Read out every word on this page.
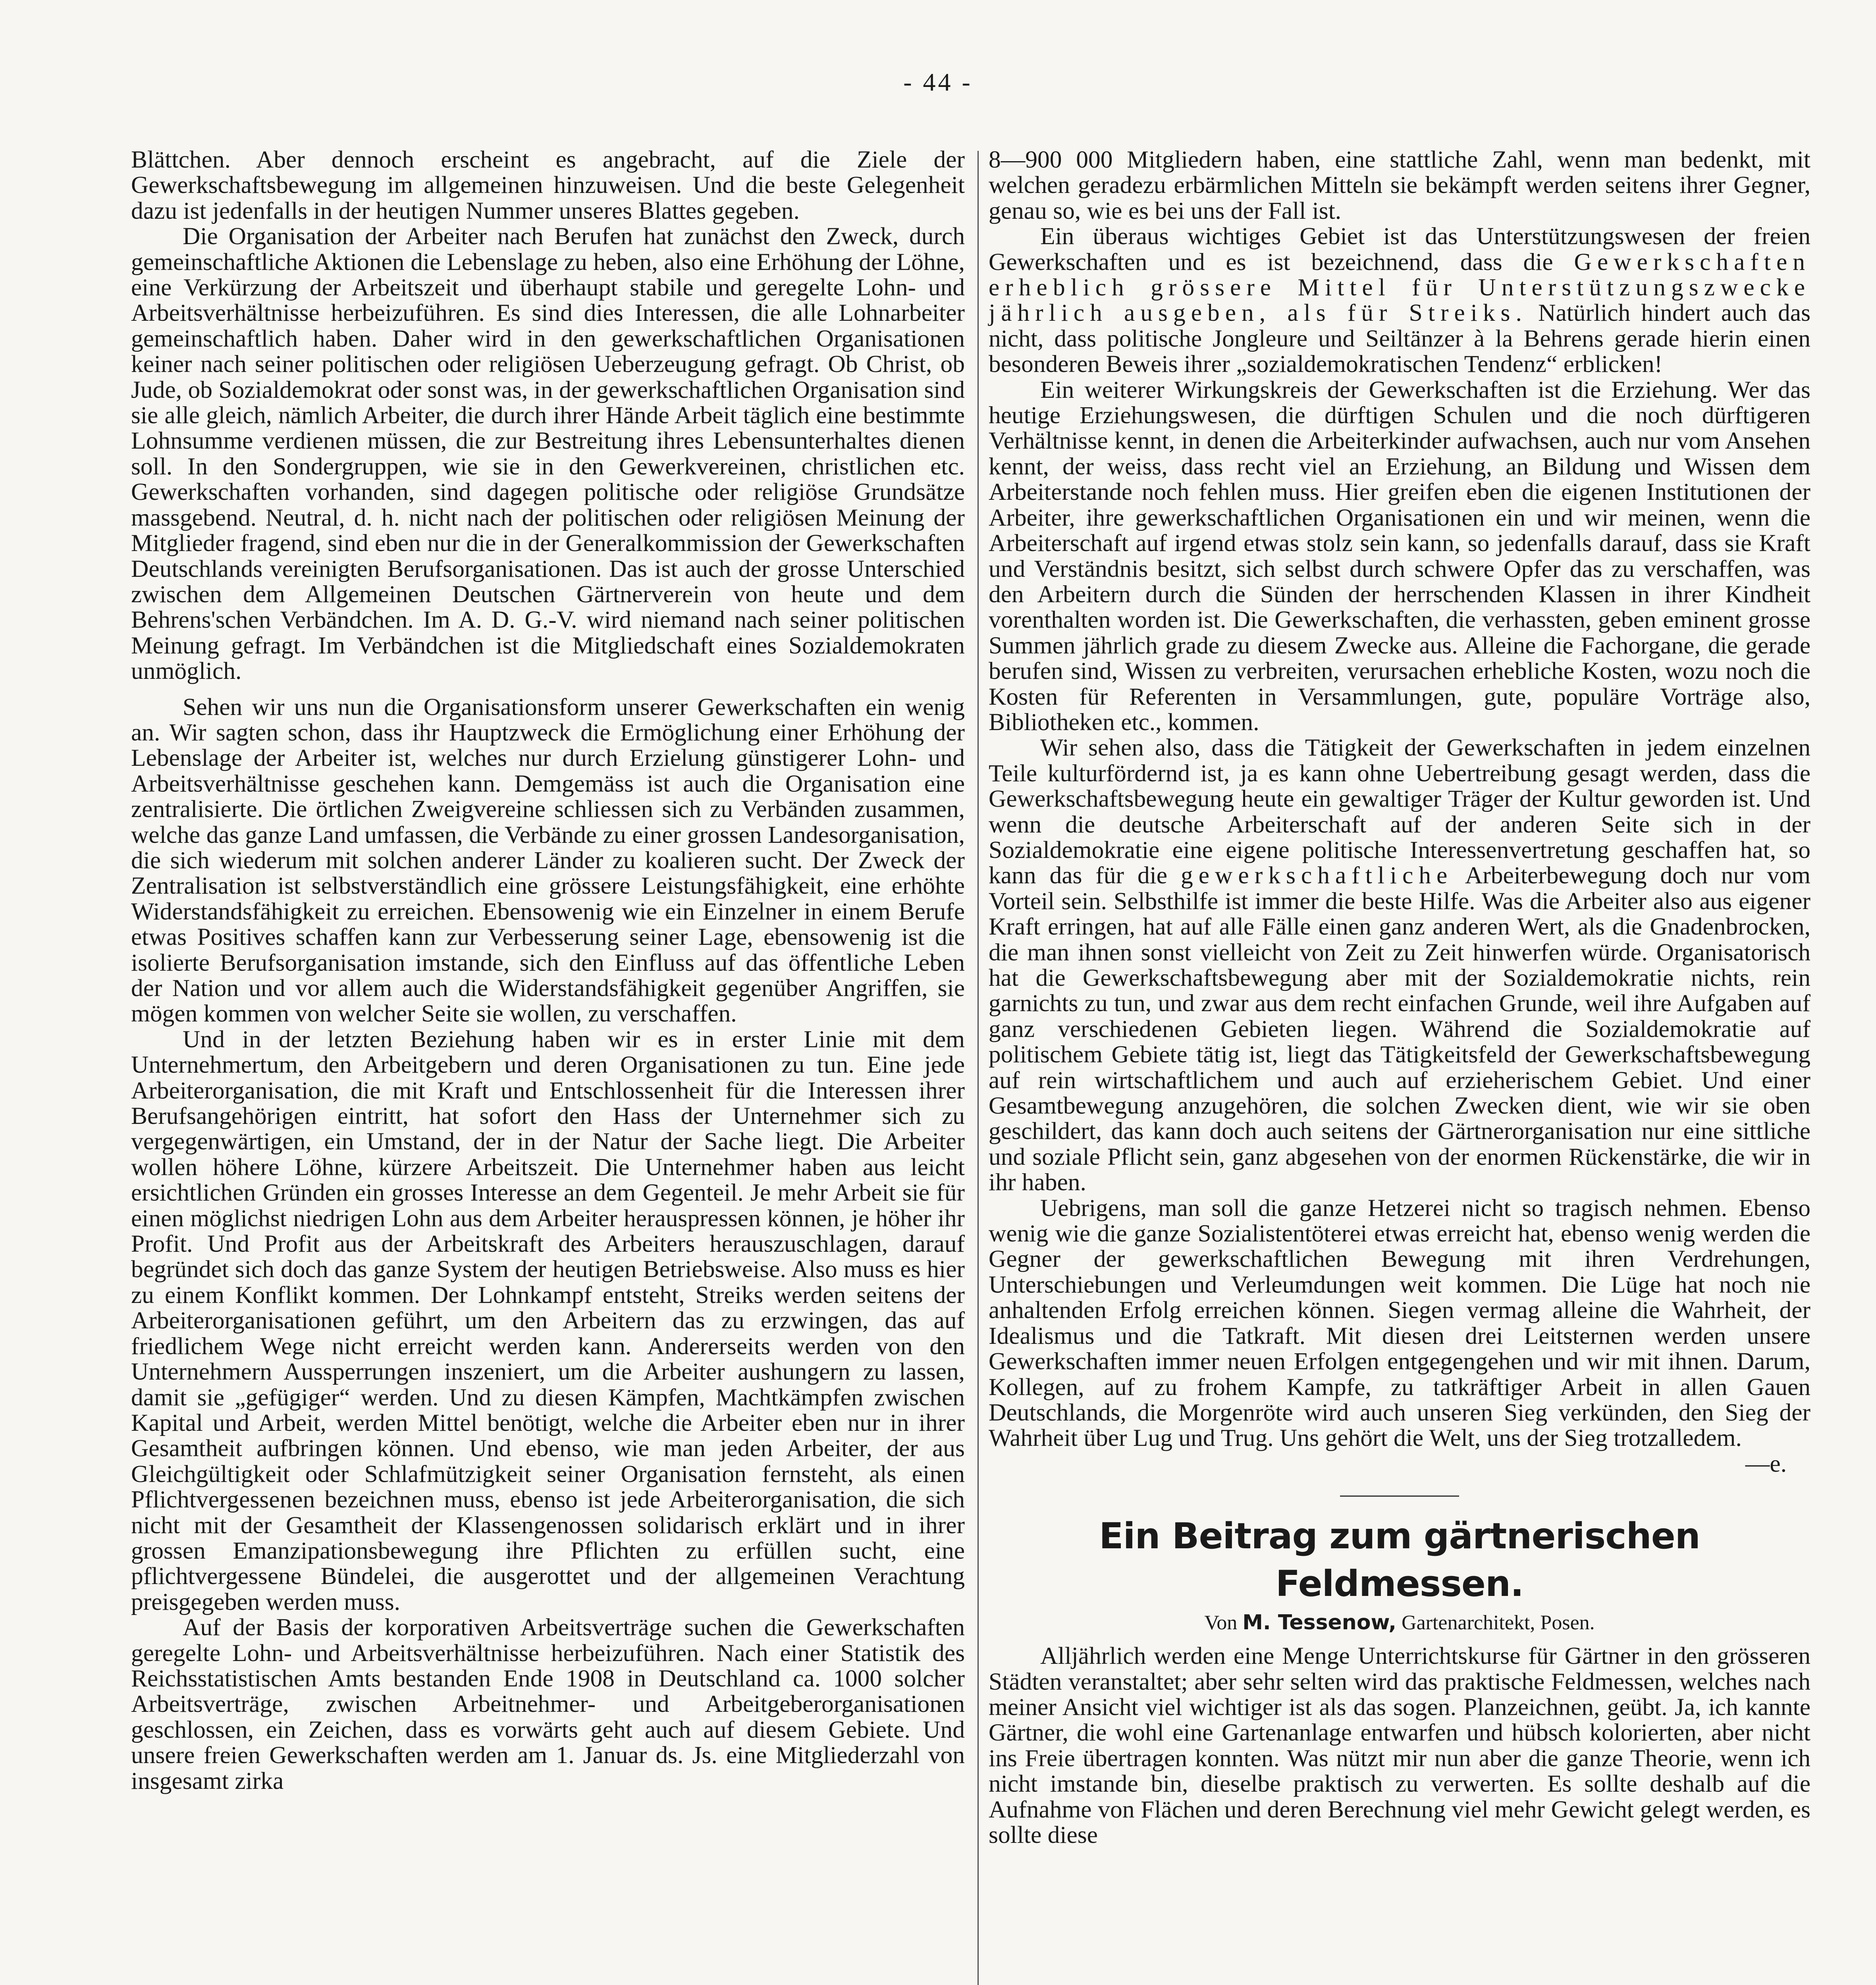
- 44 -

Blättchen. Aber dennoch erscheint es angebracht, auf die Ziele der Gewerkschaftsbewegung im allgemeinen hinzuweisen. Und die beste Gelegenheit dazu ist jedenfalls in der heutigen Nummer unseres Blattes gegeben.

Die Organisation der Arbeiter nach Berufen hat zunächst den Zweck, durch gemeinschaftliche Aktionen die Lebenslage zu heben, also eine Erhöhung der Löhne, eine Verkürzung der Arbeitszeit und überhaupt stabile und geregelte Lohn- und Arbeitsverhältnisse herbeizuführen. Es sind dies Interessen, die alle Lohnarbeiter gemeinschaftlich haben. Daher wird in den gewerkschaftlichen Organisationen keiner nach seiner politischen oder religiösen Ueberzeugung gefragt. Ob Christ, ob Jude, ob Sozialdemokrat oder sonst was, in der gewerkschaftlichen Organisation sind sie alle gleich, nämlich Arbeiter, die durch ihrer Hände Arbeit täglich eine bestimmte Lohnsumme verdienen müssen, die zur Bestreitung ihres Lebensunterhaltes dienen soll. In den Sondergruppen, wie sie in den Gewerkvereinen, christlichen etc. Gewerkschaften vorhanden, sind dagegen politische oder religiöse Grundsätze massgebend. Neutral, d. h. nicht nach der politischen oder religiösen Meinung der Mitglieder fragend, sind eben nur die in der Generalkommission der Gewerkschaften Deutschlands vereinigten Berufsorganisationen. Das ist auch der grosse Unterschied zwischen dem Allgemeinen Deutschen Gärtnerverein von heute und dem Behrens'schen Verbändchen. Im A. D. G.-V. wird niemand nach seiner politischen Meinung gefragt. Im Verbändchen ist die Mitgliedschaft eines Sozialdemokraten unmöglich.

Sehen wir uns nun die Organisationsform unserer Gewerkschaften ein wenig an. Wir sagten schon, dass ihr Hauptzweck die Ermöglichung einer Erhöhung der Lebenslage der Arbeiter ist, welches nur durch Erzielung günstigerer Lohn- und Arbeitsverhältnisse geschehen kann. Demgemäss ist auch die Organisation eine zentralisierte. Die örtlichen Zweigvereine schliessen sich zu Verbänden zusammen, welche das ganze Land umfassen, die Verbände zu einer grossen Landesorganisation, die sich wiederum mit solchen anderer Länder zu koalieren sucht. Der Zweck der Zentralisation ist selbstverständlich eine grössere Leistungsfähigkeit, eine erhöhte Widerstandsfähigkeit zu erreichen. Ebensowenig wie ein Einzelner in einem Berufe etwas Positives schaffen kann zur Verbesserung seiner Lage, ebensowenig ist die isolierte Berufsorganisation imstande, sich den Einfluss auf das öffentliche Leben der Nation und vor allem auch die Widerstandsfähigkeit gegenüber Angriffen, sie mögen kommen von welcher Seite sie wollen, zu verschaffen.

Und in der letzten Beziehung haben wir es in erster Linie mit dem Unternehmertum, den Arbeitgebern und deren Organisationen zu tun. Eine jede Arbeiterorganisation, die mit Kraft und Entschlossenheit für die Interessen ihrer Berufsangehörigen eintritt, hat sofort den Hass der Unternehmer sich zu vergegenwärtigen, ein Umstand, der in der Natur der Sache liegt. Die Arbeiter wollen höhere Löhne, kürzere Arbeitszeit. Die Unternehmer haben aus leicht ersichtlichen Gründen ein grosses Interesse an dem Gegenteil. Je mehr Arbeit sie für einen möglichst niedrigen Lohn aus dem Arbeiter herauspressen können, je höher ihr Profit. Und Profit aus der Arbeitskraft des Arbeiters herauszuschlagen, darauf begründet sich doch das ganze System der heutigen Betriebsweise. Also muss es hier zu einem Konflikt kommen. Der Lohnkampf entsteht, Streiks werden seitens der Arbeiterorganisationen geführt, um den Arbeitern das zu erzwingen, das auf friedlichem Wege nicht erreicht werden kann. Andererseits werden von den Unternehmern Aussperrungen inszeniert, um die Arbeiter aushungern zu lassen, damit sie „gefügiger“ werden. Und zu diesen Kämpfen, Machtkämpfen zwischen Kapital und Arbeit, werden Mittel benötigt, welche die Arbeiter eben nur in ihrer Gesamtheit aufbringen können. Und ebenso, wie man jeden Arbeiter, der aus Gleichgültigkeit oder Schlafmützigkeit seiner Organisation fernsteht, als einen Pflichtvergessenen bezeichnen muss, ebenso ist jede Arbeiterorganisation, die sich nicht mit der Gesamtheit der Klassengenossen solidarisch erklärt und in ihrer grossen Emanzipationsbewegung ihre Pflichten zu erfüllen sucht, eine pflichtvergessene Bündelei, die ausgerottet und der allgemeinen Verachtung preisgegeben werden muss.

Auf der Basis der korporativen Arbeitsverträge suchen die Gewerkschaften geregelte Lohn- und Arbeitsverhältnisse herbeizuführen. Nach einer Statistik des Reichsstatistischen Amts bestanden Ende 1908 in Deutschland ca. 1000 solcher Arbeitsverträge, zwischen Arbeitnehmer- und Arbeitgeberorganisationen geschlossen, ein Zeichen, dass es vorwärts geht auch auf diesem Gebiete. Und unsere freien Gewerkschaften werden am 1. Januar ds. Js. eine Mitgliederzahl von insgesamt zirka

8—900 000 Mitgliedern haben, eine stattliche Zahl, wenn man bedenkt, mit welchen geradezu erbärmlichen Mitteln sie bekämpft werden seitens ihrer Gegner, genau so, wie es bei uns der Fall ist.

Ein überaus wichtiges Gebiet ist das Unterstützungswesen der freien Gewerkschaften und es ist bezeichnend, dass die Gewerkschaften erheblich grössere Mittel für Unterstützungszwecke jährlich ausgeben, als für Streiks. Natürlich hindert auch das nicht, dass politische Jongleure und Seiltänzer à la Behrens gerade hierin einen besonderen Beweis ihrer „sozialdemokratischen Tendenz“ erblicken!

Ein weiterer Wirkungskreis der Gewerkschaften ist die Erziehung. Wer das heutige Erziehungswesen, die dürftigen Schulen und die noch dürftigeren Verhältnisse kennt, in denen die Arbeiterkinder aufwachsen, auch nur vom Ansehen kennt, der weiss, dass recht viel an Erziehung, an Bildung und Wissen dem Arbeiterstande noch fehlen muss. Hier greifen eben die eigenen Institutionen der Arbeiter, ihre gewerkschaftlichen Organisationen ein und wir meinen, wenn die Arbeiterschaft auf irgend etwas stolz sein kann, so jedenfalls darauf, dass sie Kraft und Verständnis besitzt, sich selbst durch schwere Opfer das zu verschaffen, was den Arbeitern durch die Sünden der herrschenden Klassen in ihrer Kindheit vorenthalten worden ist. Die Gewerkschaften, die verhassten, geben eminent grosse Summen jährlich grade zu diesem Zwecke aus. Alleine die Fachorgane, die gerade berufen sind, Wissen zu verbreiten, verursachen erhebliche Kosten, wozu noch die Kosten für Referenten in Versammlungen, gute, populäre Vorträge also, Bibliotheken etc., kommen.

Wir sehen also, dass die Tätigkeit der Gewerkschaften in jedem einzelnen Teile kulturfördernd ist, ja es kann ohne Uebertreibung gesagt werden, dass die Gewerkschaftsbewegung heute ein gewaltiger Träger der Kultur geworden ist. Und wenn die deutsche Arbeiterschaft auf der anderen Seite sich in der Sozialdemokratie eine eigene politische Interessenvertretung geschaffen hat, so kann das für die gewerkschaftliche Arbeiterbewegung doch nur vom Vorteil sein. Selbsthilfe ist immer die beste Hilfe. Was die Arbeiter also aus eigener Kraft erringen, hat auf alle Fälle einen ganz anderen Wert, als die Gnadenbrocken, die man ihnen sonst vielleicht von Zeit zu Zeit hinwerfen würde. Organisatorisch hat die Gewerkschaftsbewegung aber mit der Sozialdemokratie nichts, rein garnichts zu tun, und zwar aus dem recht einfachen Grunde, weil ihre Aufgaben auf ganz verschiedenen Gebieten liegen. Während die Sozialdemokratie auf politischem Gebiete tätig ist, liegt das Tätigkeitsfeld der Gewerkschaftsbewegung auf rein wirtschaftlichem und auch auf erzieherischem Gebiet. Und einer Gesamtbewegung anzugehören, die solchen Zwecken dient, wie wir sie oben geschildert, das kann doch auch seitens der Gärtnerorganisation nur eine sittliche und soziale Pflicht sein, ganz abgesehen von der enormen Rückenstärke, die wir in ihr haben.

Uebrigens, man soll die ganze Hetzerei nicht so tragisch nehmen. Ebenso wenig wie die ganze Sozialistentöterei etwas erreicht hat, ebenso wenig werden die Gegner der gewerkschaftlichen Bewegung mit ihren Verdrehungen, Unterschiebungen und Verleumdungen weit kommen. Die Lüge hat noch nie anhaltenden Erfolg erreichen können. Siegen vermag alleine die Wahrheit, der Idealismus und die Tatkraft. Mit diesen drei Leitsternen werden unsere Gewerkschaften immer neuen Erfolgen entgegengehen und wir mit ihnen. Darum, Kollegen, auf zu frohem Kampfe, zu tatkräftiger Arbeit in allen Gauen Deutschlands, die Morgenröte wird auch unseren Sieg verkünden, den Sieg der Wahrheit über Lug und Trug. Uns gehört die Welt, uns der Sieg trotzalledem.

—e.

Ein Beitrag zum gärtnerischen Feldmessen.
Von M. Tessenow, Gartenarchitekt, Posen.

Alljährlich werden eine Menge Unterrichtskurse für Gärtner in den grösseren Städten veranstaltet; aber sehr selten wird das praktische Feldmessen, welches nach meiner Ansicht viel wichtiger ist als das sogen. Planzeichnen, geübt. Ja, ich kannte Gärtner, die wohl eine Gartenanlage entwarfen und hübsch kolorierten, aber nicht ins Freie übertragen konnten. Was nützt mir nun aber die ganze Theorie, wenn ich nicht imstande bin, dieselbe praktisch zu verwerten. Es sollte deshalb auf die Aufnahme von Flächen und deren Berechnung viel mehr Gewicht gelegt werden, es sollte diese
